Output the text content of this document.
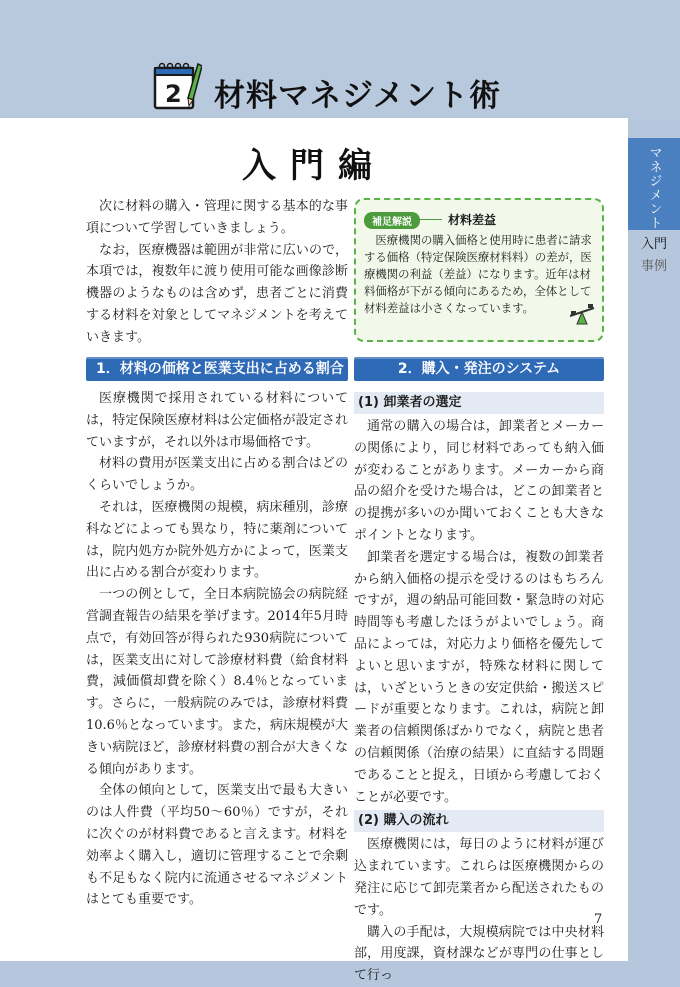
2 材料マネジメント術
入門編	マネジメント
入門
事例

次に材料の購入・管理に関する基本的な事項について学習していきましょう。

なお，医療機器は範囲が非常に広いので，本項では，複数年に渡り使用可能な画像診断機器のようなものは含めず，患者ごとに消費する材料を対象としてマネジメントを考えていきます。

補足解説	材料差益
医療機関の購入価格と使用時に患者に請求する価格（特定保険医療材料料）の差が，医療機関の利益（差益）になります。近年は材料価格が下がる傾向にあるため，全体として材料差益は小さくなっています。
1．材料の価格と医業支出に占める割合	2．購入・発注のシステム

医療機関で採用されている材料については，特定保険医療材料は公定価格が設定されていますが，それ以外は市場価格です。

材料の費用が医業支出に占める割合はどのくらいでしょうか。

それは，医療機関の規模，病床種別，診療科などによっても異なり，特に薬剤については，院内処方か院外処方かによって，医業支出に占める割合が変わります。

一つの例として，全日本病院協会の病院経営調査報告の結果を挙げます。2014年5月時点で，有効回答が得られた930病院については，医業支出に対して診療材料費（給食材料費，減価償却費を除く）8.4％となっています。さらに，一般病院のみでは，診療材料費10.6％となっています。また，病床規模が大きい病院ほど，診療材料費の割合が大きくなる傾向があります。

全体の傾向として，医業支出で最も大きいのは人件費（平均50～60％）ですが，それに次ぐのが材料費であると言えます。材料を効率よく購入し，適切に管理することで余剰も不足もなく院内に流通させるマネジメントはとても重要です。

(1) 卸業者の選定

通常の購入の場合は，卸業者とメーカーの関係により，同じ材料であっても納入価が変わることがあります。メーカーから商品の紹介を受けた場合は，どこの卸業者との提携が多いのか聞いておくことも大きなポイントとなります。

卸業者を選定する場合は，複数の卸業者から納入価格の提示を受けるのはもちろんですが，週の納品可能回数・緊急時の対応時間等も考慮したほうがよいでしょう。商品によっては，対応力より価格を優先してよいと思いますが，特殊な材料に関しては，いざというときの安定供給・搬送スピードが重要となります。これは，病院と卸業者の信頼関係ばかりでなく，病院と患者の信頼関係（治療の結果）に直結する問題であることと捉え，日頃から考慮しておくことが必要です。

(2) 購入の流れ

医療機関には，毎日のように材料が運び込まれています。これらは医療機関からの発注に応じて卸売業者から配送されたものです。

購入の手配は，大規模病院では中央材料部，用度課，資材課などが専門の仕事として行っ

7
